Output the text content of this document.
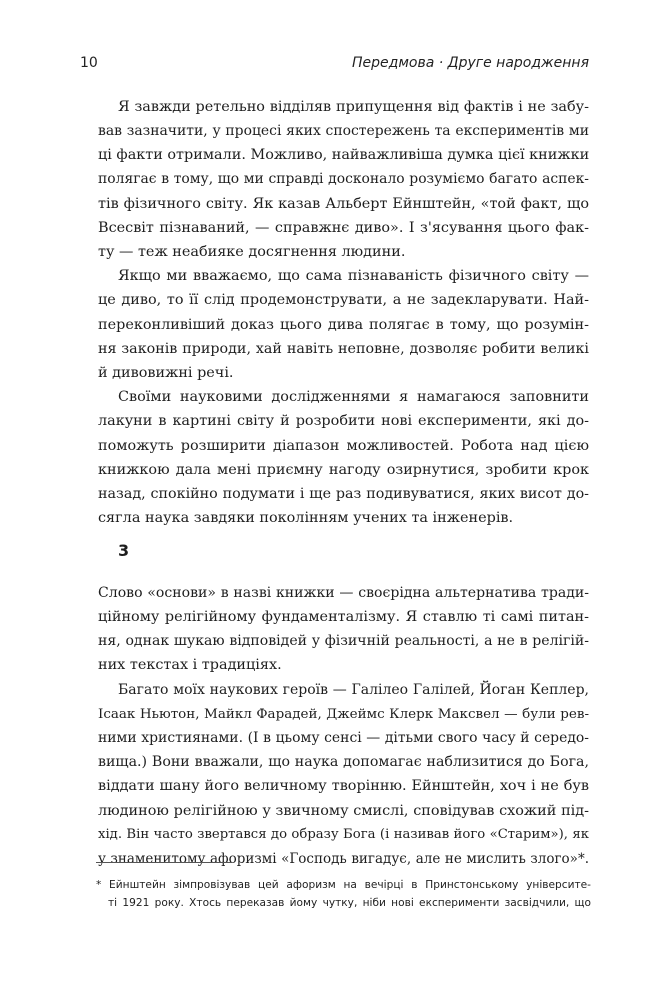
10	Передмова · Друге народження
Я завжди ретельно відділяв припущення від фактів і не забу-
вав зазначити, у процесі яких спостережень та експериментів ми
ці факти отримали. Можливо, найважливіша думка цієї книжки
полягає в тому, що ми справді досконало розуміємо багато аспек-
тів фізичного світу. Як казав Альберт Ейнштейн, «той факт, що
Всесвіт пізнаваний, — справжнє диво». І з'ясування цього фак-
ту — теж неабияке досягнення людини.
Якщо ми вважаємо, що сама пізнаваність фізичного світу —
це диво, то її слід продемонструвати, а не задекларувати. Най-
переконливіший доказ цього дива полягає в тому, що розумін-
ня законів природи, хай навіть неповне, дозволяє робити великі
й дивовижні речі.
Своїми науковими дослідженнями я намагаюся заповнити
лакуни в картині світу й розробити нові експерименти, які до-
поможуть розширити діапазон можливостей. Робота над цією
книжкою дала мені приємну нагоду озирнутися, зробити крок
назад, спокійно подумати і ще раз подивуватися, яких висот до-
сягла наука завдяки поколінням учених та інженерів.
3
Слово «основи» в назві книжки — своєрідна альтернатива тради-
ційному релігійному фундаменталізму. Я ставлю ті самі питан-
ня, однак шукаю відповідей у фізичній реальності, а не в релігій-
них текстах і традиціях.
Багато моїх наукових героїв — Галілео Галілей, Йоган Кеплер,
Ісаак Ньютон, Майкл Фарадей, Джеймс Клерк Максвел — були рев-
ними християнами. (І в цьому сенсі — дітьми свого часу й середо-
вища.) Вони вважали, що наука допомагає наблизитися до Бога,
віддати шану його величному творінню. Ейнштейн, хоч і не був
людиною релігійною у звичному смислі, сповідував схожий під-
хід. Він часто звертався до образу Бога (і називав його «Старим»), як
у знаменитому афоризмі «Господь вигадує, але не мислить злого»*.
* Ейнштейн зімпровізував цей афоризм на вечірці в Принстонському університе-
ті 1921 року. Хтось переказав йому чутку, ніби нові експерименти засвідчили, що
